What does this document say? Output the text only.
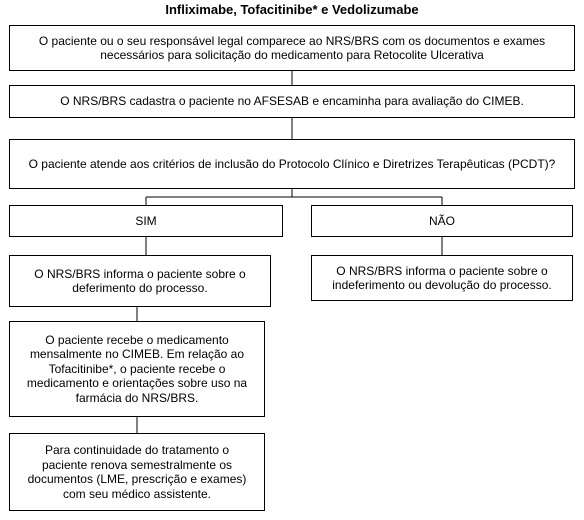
Infliximabe, Tofacitinibe* e Vedolizumabe
O paciente ou o seu responsável legal comparece ao NRS/BRS com os documentos e exames necessários para solicitação do medicamento para Retocolite Ulcerativa
O NRS/BRS cadastra o paciente no AFSESAB e encaminha para avaliação do CIMEB.
O paciente atende aos critérios de inclusão do Protocolo Clínico e Diretrizes Terapêuticas (PCDT)?
SIM	NÃO
O NRS/BRS informa o paciente sobre o deferimento do processo.
O NRS/BRS informa o paciente sobre o indeferimento ou devolução do processo.
O paciente recebe o medicamento mensalmente no CIMEB. Em relação ao Tofacitinibe*, o paciente recebe o medicamento e orientações sobre uso na farmácia do NRS/BRS.
Para continuidade do tratamento o paciente renova semestralmente os documentos (LME, prescrição e exames) com seu médico assistente.
